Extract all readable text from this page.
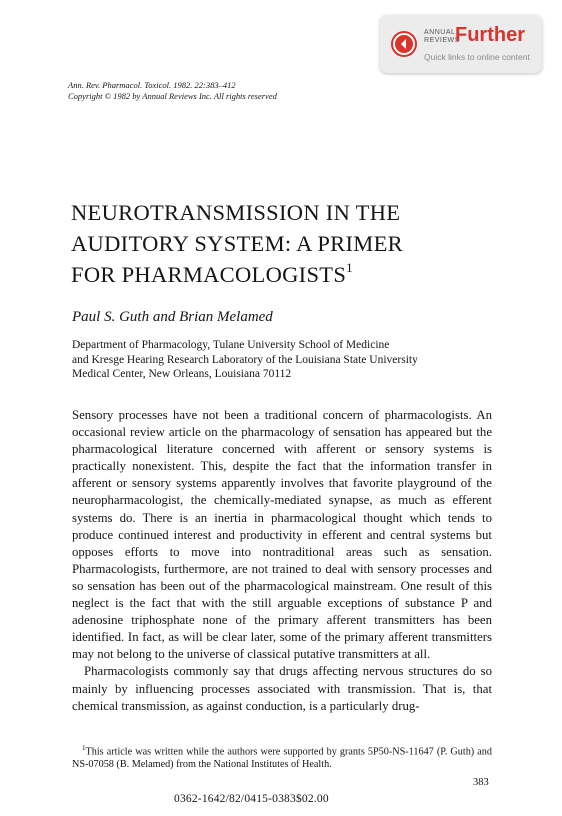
ANNUAL
REVIEWS
Further
Quick links to online content
Ann. Rev. Pharmacol. Toxicol. 1982. 22:383–412
Copyright © 1982 by Annual Reviews Inc. All rights reserved
NEUROTRANSMISSION IN THE
AUDITORY SYSTEM: A PRIMER
FOR PHARMACOLOGISTS$^1$
Paul S. Guth and Brian Melamed
Department of Pharmacology, Tulane University School of Medicine
and Kresge Hearing Research Laboratory of the Louisiana State University
Medical Center, New Orleans, Louisiana 70112

Sensory processes have not been a traditional concern of pharmacologists. An occasional review article on the pharmacology of sensation has appeared but the pharmacological literature concerned with afferent or sensory systems is practically nonexistent. This, despite the fact that the information transfer in afferent or sensory systems apparently involves that favorite playground of the neuropharmacologist, the chemically-mediated synapse, as much as efferent systems do. There is an inertia in pharmacological thought which tends to produce continued interest and productivity in efferent and central systems but opposes efforts to move into nontraditional areas such as sensation. Pharmacologists, furthermore, are not trained to deal with sensory processes and so sensation has been out of the pharmacological mainstream. One result of this neglect is the fact that with the still arguable exceptions of substance P and adenosine triphosphate none of the primary afferent transmitters has been identified. In fact, as will be clear later, some of the primary afferent transmitters may not belong to the universe of classical putative transmitters at all.

Pharmacologists commonly say that drugs affecting nervous structures do so mainly by influencing processes associated with transmission. That is, that chemical transmission, as against conduction, is a particularly drug-

$^1$This article was written while the authors were supported by grants 5P50-NS-11647 (P. Guth) and NS-07058 (B. Melamed) from the National Institutes of Health.
383
0362-1642/82/0415-0383$02.00
